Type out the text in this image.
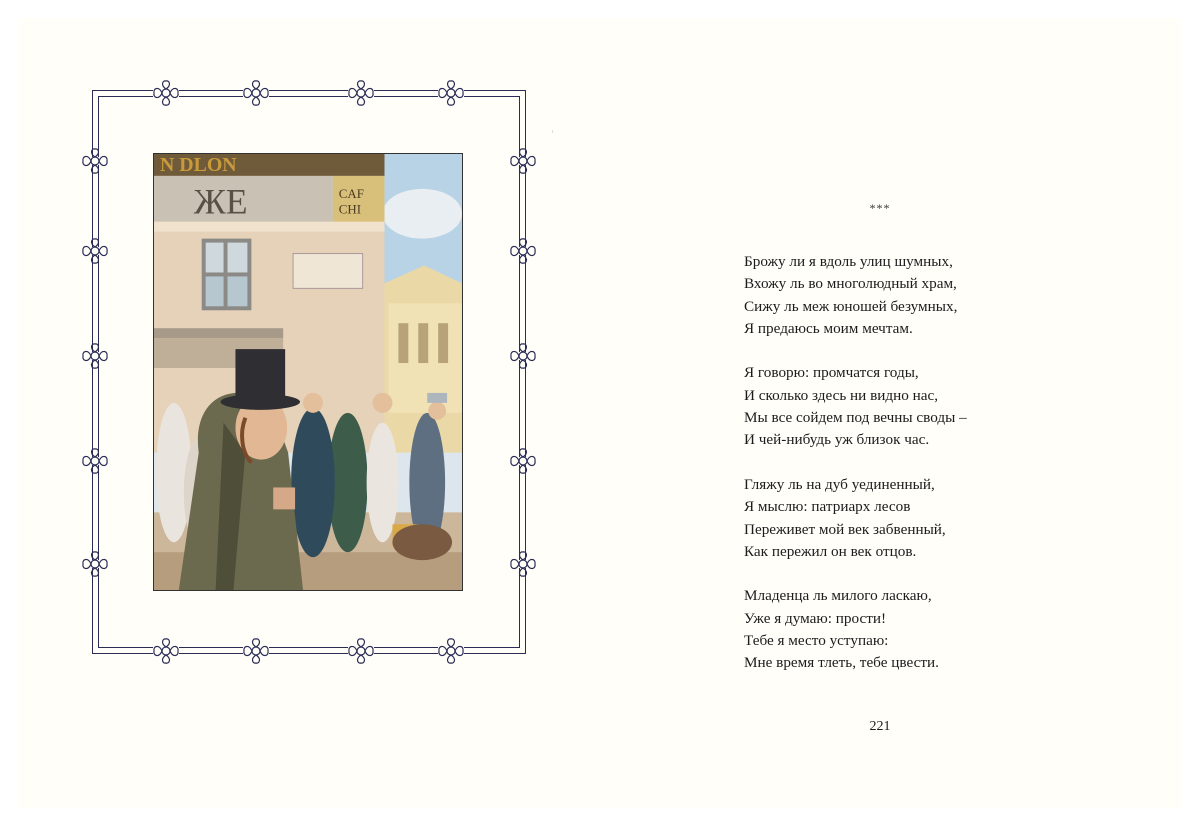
N DLON
ЖЕ	CAF
CHI	***
Брожу ли я вдоль улиц шумных,
Вхожу ль во многолюдный храм,
Сижу ль меж юношей безумных,
Я предаюсь моим мечтам.
Я говорю: промчатся годы,
И сколько здесь ни видно нас,
Мы все сойдем под вечны своды –
И чей-нибудь уж близок час.
Гляжу ль на дуб уединенный,
Я мыслю: патриарх лесов
Переживет мой век забвенный,
Как пережил он век отцов.
Младенца ль милого ласкаю,
Уже я думаю: прости!
Тебе я место уступаю:
Мне время тлеть, тебе цвести.
221
